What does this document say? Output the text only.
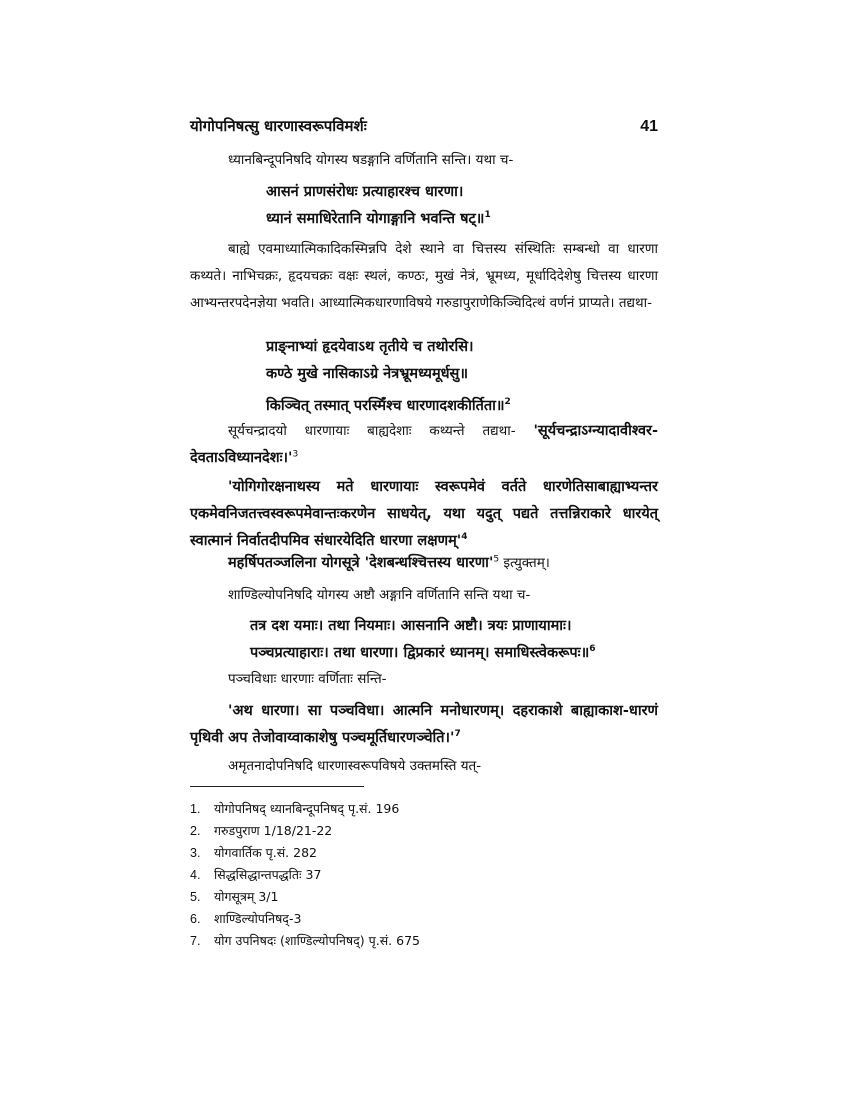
योगोपनिषत्सु धारणास्वरूपविमर्शः	41
ध्यानबिन्दूपनिषदि योगस्य षडङ्गानि वर्णितानि सन्ति। यथा च-
आसनं प्राणसंरोधः प्रत्याहारश्च धारणा।
ध्यानं समाधिरेतानि योगाङ्गानि भवन्ति षट्॥$^1$
बाह्ये एवमाध्यात्मिकादिकस्मिन्नपि देशे स्थाने वा चित्तस्य संस्थितिः सम्बन्धो वा धारणा कथ्यते। नाभिचक्रः, हृदयचक्रः वक्षः स्थलं, कण्ठः, मुखं नेत्रं, भ्रूमध्य, मूर्धादिदेशेषु चित्तस्य धारणा आभ्यन्तरपदेनज्ञेया भवति। आध्यात्मिकधारणाविषये गरुडापुराणेकिञ्चिदित्थं वर्णनं प्राप्यते। तद्यथा-
प्राङ्नाभ्यां हृदयेवाऽथ तृतीये च तथोरसि।
कण्ठे मुखे नासिकाऽग्रे नेत्रभ्रूमध्यमूर्धसु॥
किञ्चित् तस्मात् परस्मिँश्च धारणादशकीर्तिता॥$^2$
सूर्यचन्द्रादयो धारणायाः बाह्यदेशाः कथ्यन्ते तद्यथा- '$सूर्यचन्द्राऽग्न्यादावीश्वर-देवताऽविध्यानदेशः।'^3$
'योगिगोरक्षनाथस्य मते धारणायाः स्वरूपमेवं वर्तते धारणेतिसाबाह्याभ्यन्तर एकमेवनिजतत्त्वस्वरूपमेवान्तःकरणेन साधयेत्, यथा यदुत् पद्यते तत्तन्निराकारे धारयेत् स्वात्मानं निर्वातदीपमिव संधारयेदिति धारणा $लक्षणम्'^4$
महर्षिपतञ्जलिना योगसूत्रे 'देशबन्धश्चित्तस्य $धारणा'^5$ इत्युक्तम्।
शाण्डिल्योपनिषदि योगस्य अष्टौ अङ्गानि वर्णितानि सन्ति यथा च-
तत्र दश यमाः। तथा नियमाः। आसनानि अष्टौ। त्रयः प्राणायामाः।
पञ्चप्रत्याहाराः। तथा धारणा। द्विप्रकारं ध्यानम्। समाधिस्त्वेकरूपः॥$^6$
पञ्चविधाः धारणाः वर्णिताः सन्ति-
'अथ धारणा। सा पञ्चविधा। आत्मनि मनोधारणम्। दहराकाशे बाह्याकाश-धारणं पृथिवी अप तेजोवाय्वाकाशेषु $पञ्चमूर्तिधारणञ्चेति।'^7$
अमृतनादोपनिषदि धारणास्वरूपविषये उक्तमस्ति यत्-
1. योगोपनिषद् ध्यानबिन्दूपनिषद् पृ.सं. 196
2. गरुडपुराण 1/18/21-22
3. योगवार्तिक पृ.सं. 282
4. सिद्धसिद्धान्तपद्धतिः 37
5. योगसूत्रम् 3/1
6. शाण्डिल्योपनिषद्-3
7. योग उपनिषदः (शाण्डिल्योपनिषद्) पृ.सं. 675
